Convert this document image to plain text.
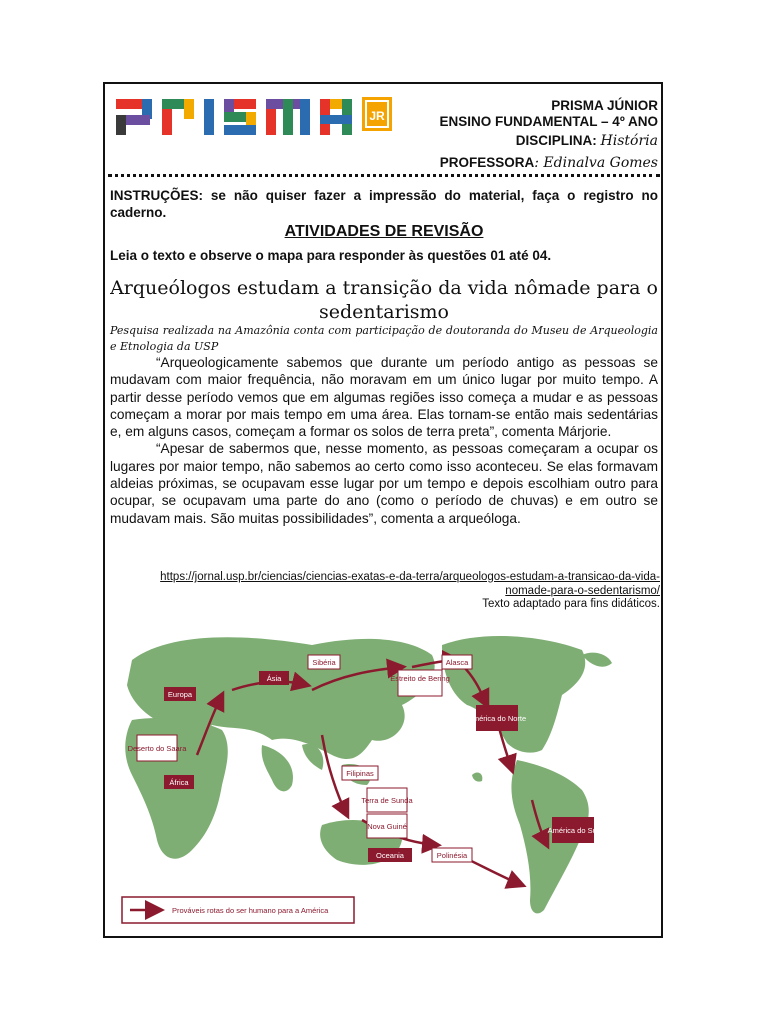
JR
PRISMA JÚNIOR
ENSINO FUNDAMENTAL – 4º ANO
DISCIPLINA: História
PROFESSORA: Edinalva Gomes
INSTRUÇÕES: se não quiser fazer a impressão do material, faça o registro no caderno.
ATIVIDADES DE REVISÃO
Leia o texto e observe o mapa para responder às questões 01 até 04.
Arqueólogos estudam a transição da vida nômade para o sedentarismo
Pesquisa realizada na Amazônia conta com participação de doutoranda do Museu de Arqueologia e Etnologia da USP

“Arqueologicamente sabemos que durante um período antigo as pessoas se mudavam com maior frequência, não moravam em um único lugar por muito tempo. A partir desse período vemos que em algumas regiões isso começa a mudar e as pessoas começam a morar por mais tempo em uma área. Elas tornam-se então mais sedentárias e, em alguns casos, começam a formar os solos de terra preta”, comenta Márjorie.

“Apesar de sabermos que, nesse momento, as pessoas começaram a ocupar os lugares por maior tempo, não sabemos ao certo como isso aconteceu. Se elas formavam aldeias próximas, se ocupavam esse lugar por um tempo e depois escolhiam outro para ocupar, se ocupavam uma parte do ano (como o período de chuvas) e em outro se mudavam mais. São muitas possibilidades”, comenta a arqueóloga.

https://jornal.usp.br/ciencias/ciencias-exatas-e-da-terra/arqueologos-estudam-a-transicao-da-vida-nomade-para-o-sedentarismo/
Texto adaptado para fins didáticos.
Europa
Ásia
Sibéria	Alasca
Estreito de Bering
Deserto do Saara
África
Filipinas
Terra de Sunda
Nova Guiné
Oceania	Polinésia
América do Norte
América do Sul
Prováveis rotas do ser humano para a América
